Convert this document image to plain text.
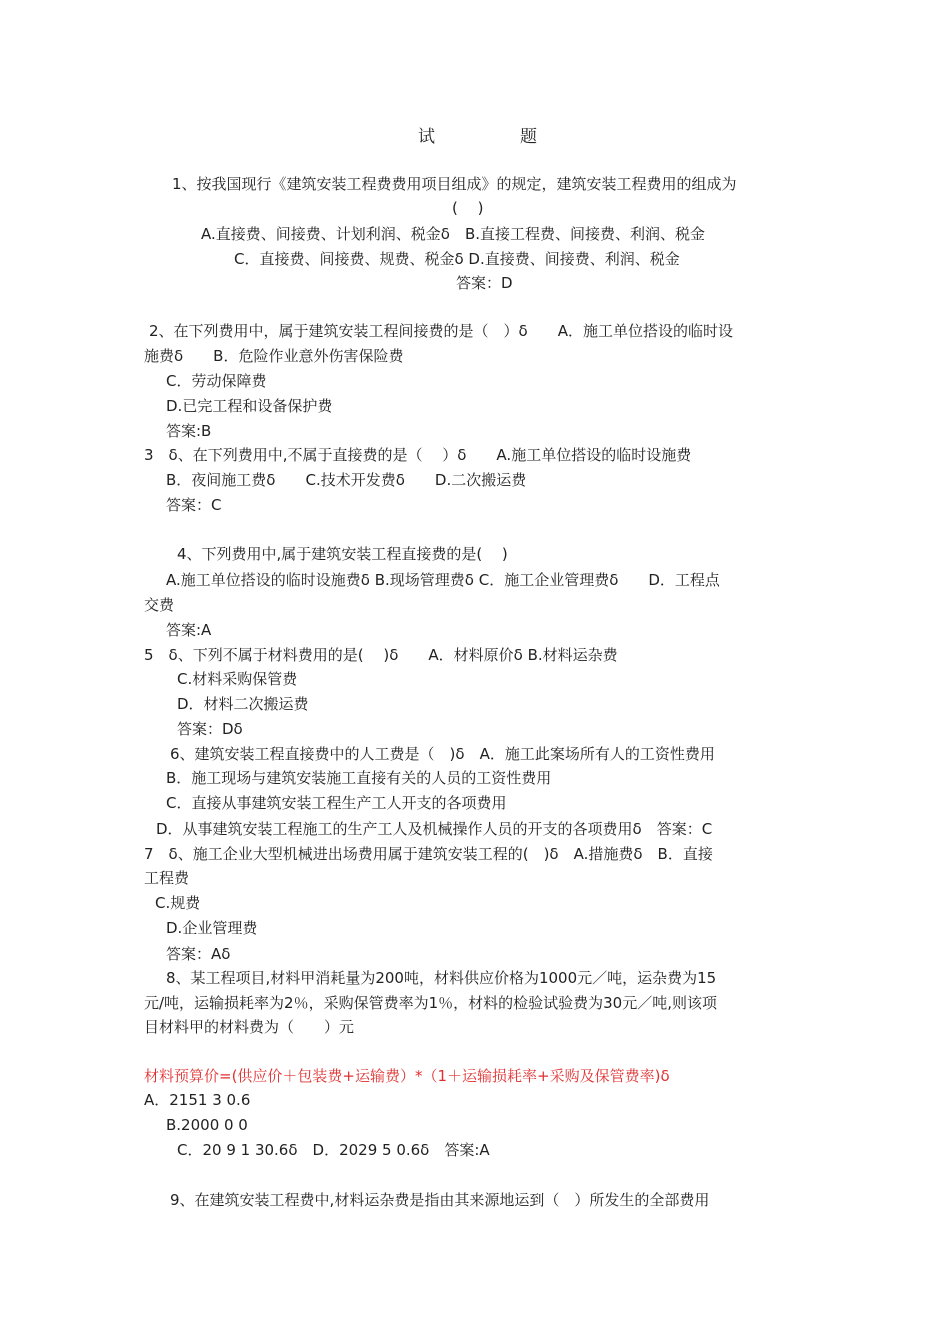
试　　　　　题
1、按我国现行《建筑安装工程费费用项目组成》的规定，建筑安装工程费用的组成为
(　 )
A.直接费、间接费、计划利润、税金ẟ　B.直接工程费、间接费、利润、税金
C．直接费、间接费、规费、税金ẟ D.直接费、间接费、利润、税金
答案：D
2、在下列费用中，属于建筑安装工程间接费的是（　）ẟ　　A．施工单位搭设的临时设
施费ẟ　　B．危险作业意外伤害保险费
C．劳动保障费
D.已完工程和设备保护费
答案:B
3　ẟ、在下列费用中,不属于直接费的是（　 ）ẟ　　A.施工单位搭设的临时设施费
B．夜间施工费ẟ　　C.技术开发费ẟ　　D.二次搬运费
答案：C
4、下列费用中,属于建筑安装工程直接费的是(　 )
A.施工单位搭设的临时设施费ẟ B.现场管理费ẟ C．施工企业管理费ẟ　　D．工程点
交费
答案:A
5　ẟ、下列不属于材料费用的是(　 )ẟ　　A．材料原价ẟ B.材料运杂费
C.材料采购保管费
D．材料二次搬运费
答案：Dẟ
6、建筑安装工程直接费中的人工费是（　)ẟ　A．施工此案场所有人的工资性费用
B．施工现场与建筑安装施工直接有关的人员的工资性费用
C．直接从事建筑安装工程生产工人开支的各项费用
D．从事建筑安装工程施工的生产工人及机械操作人员的开支的各项费用ẟ　答案：C
7　ẟ、施工企业大型机械进出场费用属于建筑安装工程的(　)ẟ　A.措施费ẟ　B．直接
工程费
C.规费
D.企业管理费
答案：Aẟ
8、某工程项目,材料甲消耗量为200吨，材料供应价格为1000元／吨，运杂费为15
元/吨，运输损耗率为2％，采购保管费率为1％，材料的检验试验费为30元／吨,则该项
目材料甲的材料费为（　　）元
材料预算价=(供应价＋包装费+运输费）*（1＋运输损耗率+采购及保管费率)ẟ
A．2151 3 0.6
B.2000 0 0
C．20 9 1 30.6ẟ　D．2029 5 0.6ẟ　答案:A
9、在建筑安装工程费中,材料运杂费是指由其来源地运到（　）所发生的全部费用
